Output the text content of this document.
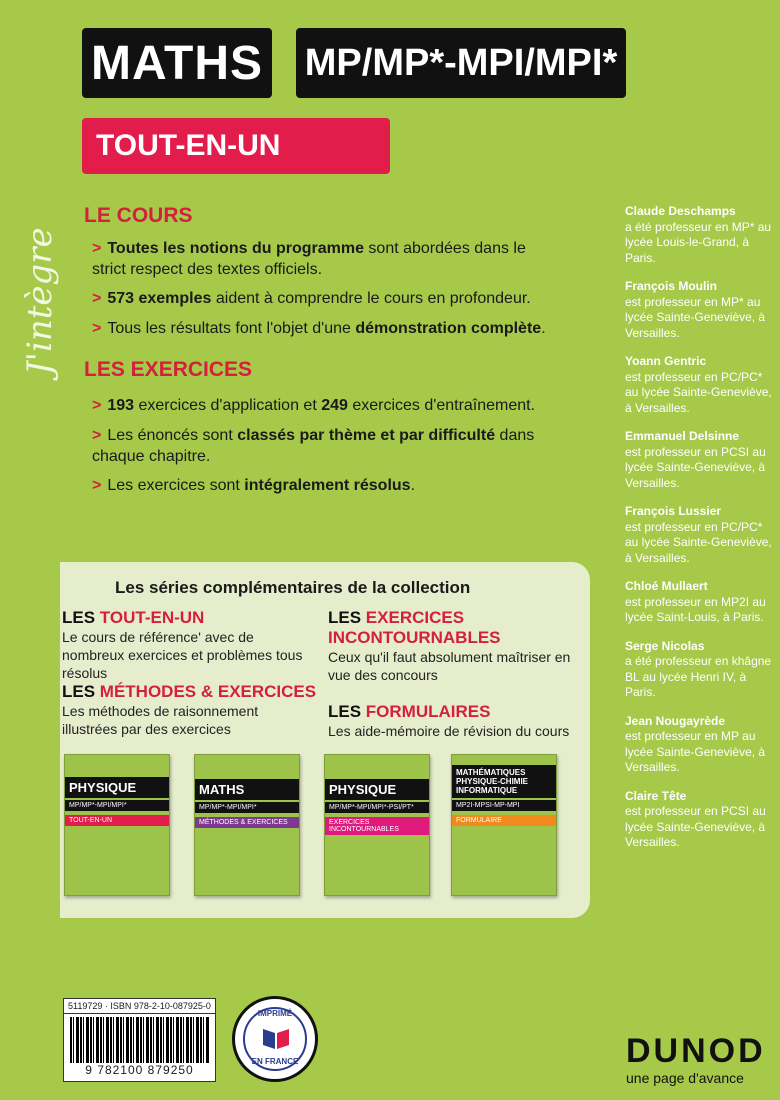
J'intègre
MATHS MP/MP*-MPI/MPI*
TOUT-EN-UN
LE COURS
> Toutes les notions du programme sont abordées dans le strict respect des textes officiels.
> 573 exemples aident à comprendre le cours en profondeur.
> Tous les résultats font l'objet d'une démonstration complète.
LES EXERCICES
> 193 exercices d'application et 249 exercices d'entraînement.
> Les énoncés sont classés par thème et par difficulté dans chaque chapitre.
> Les exercices sont intégralement résolus.
Claude Deschamps
a été professeur en MP* au lycée Louis-le-Grand, à Paris.
François Moulin
est professeur en MP* au lycée Sainte-Geneviève, à Versailles.
Yoann Gentric
est professeur en PC/PC* au lycée Sainte-Geneviève, à Versailles.
Emmanuel Delsinne
est professeur en PCSI au lycée Sainte-Geneviève, à Versailles.
François Lussier
est professeur en PC/PC* au lycée Sainte-Geneviève, à Versailles.
Chloé Mullaert
est professeur en MP2I au lycée Saint-Louis, à Paris.
Serge Nicolas
a été professeur en khâgne BL au lycée Henri IV, à Paris.
Jean Nougayrède
est professeur en MP au lycée Sainte-Geneviève, à Versailles.
Claire Tête
est professeur en PCSI au lycée Sainte-Geneviève, à Versailles.
Les séries complémentaires de la collection
LES TOUT-EN-UN
Le cours de référence' avec de nombreux exercices et problèmes tous résolus
LES MÉTHODES & EXERCICES
Les méthodes de raisonnement illustrées par des exercices
LES EXERCICES
INCONTOURNABLES
Ceux qu'il faut absolument maîtriser en vue des concours
LES FORMULAIRES
Les aide-mémoire de révision du cours
PHYSIQUE
MP/MP*-MPI/MPI*
TOUT-EN-UN
MATHS
MP/MP*-MPI/MPI*
MÉTHODES & EXERCICES
PHYSIQUE
MP/MP*-MPI/MPI*-PSI/PT*
EXERCICES INCONTOURNABLES
MATHÉMATIQUES PHYSIQUE-CHIMIE INFORMATIQUE
MP2I-MPSI-MP-MPI
FORMULAIRE
5119729 · ISBN 978-2-10-087925-0
9 782100 879250
IMPRIMÉ
EN FRANCE	DUNOD
une page d'avance
